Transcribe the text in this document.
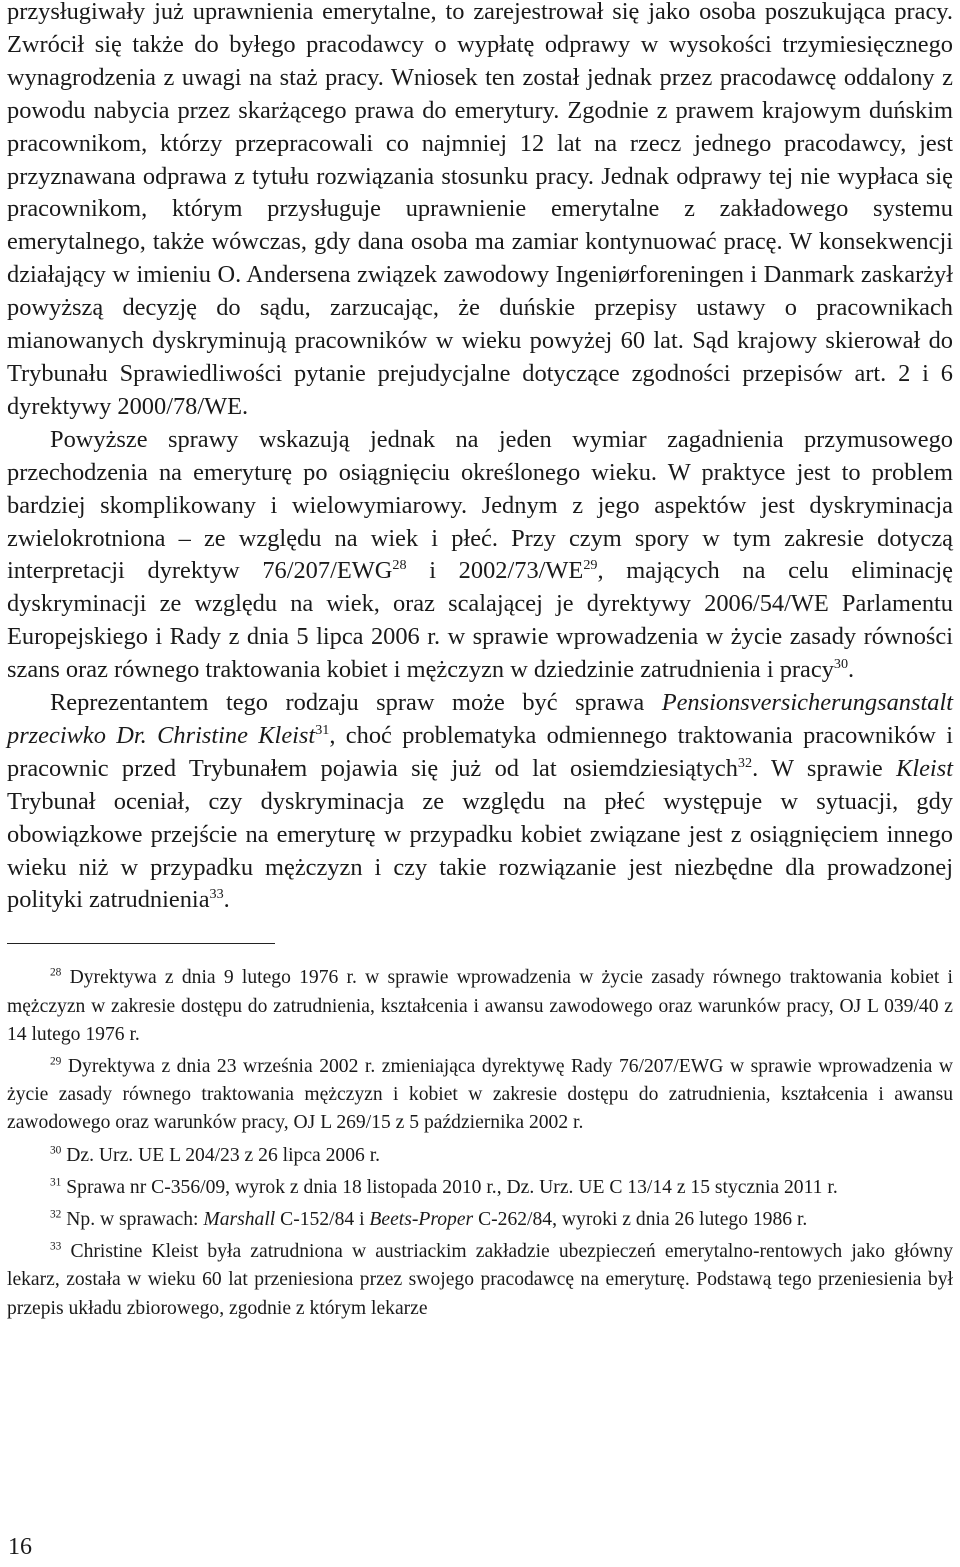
przysługiwały już uprawnienia emerytalne, to zarejestrował się jako osoba poszukująca pracy. Zwrócił się także do byłego pracodawcy o wypłatę odprawy w wysokości trzymiesięcznego wynagrodzenia z uwagi na staż pracy. Wniosek ten został jednak przez pracodawcę oddalony z powodu nabycia przez skarżącego prawa do emerytury. Zgodnie z prawem krajowym duńskim pracownikom, którzy przepracowali co najmniej 12 lat na rzecz jednego pracodawcy, jest przyznawana odprawa z tytułu rozwiązania stosunku pracy. Jednak odprawy tej nie wypłaca się pracownikom, którym przysługuje uprawnienie emerytalne z zakładowego systemu emerytalnego, także wówczas, gdy dana osoba ma zamiar kontynuować pracę. W konsekwencji działający w imieniu O. Andersena związek zawodowy Ingeniørforeningen i Danmark zaskarżył powyższą decyzję do sądu, zarzucając, że duńskie przepisy ustawy o pracownikach mianowanych dyskryminują pracowników w wieku powyżej 60 lat. Sąd krajowy skierował do Trybunału Sprawiedliwości pytanie prejudycjalne dotyczące zgodności przepisów art. 2 i 6 dyrektywy 2000/78/WE.

Powyższe sprawy wskazują jednak na jeden wymiar zagadnienia przymusowego przechodzenia na emeryturę po osiągnięciu określonego wieku. W praktyce jest to problem bardziej skomplikowany i wielowymiarowy. Jednym z jego aspektów jest dyskryminacja zwielokrotniona – ze względu na wiek i płeć. Przy czym spory w tym zakresie dotyczą interpretacji dyrektyw 76/207/EWG$^{28}$ i 2002/73/WE$^{29}$, mających na celu eliminację dyskryminacji ze względu na wiek, oraz scalającej je dyrektywy 2006/54/WE Parlamentu Europejskiego i Rady z dnia 5 lipca 2006 r. w sprawie wprowadzenia w życie zasady równości szans oraz równego traktowania kobiet i mężczyzn w dziedzinie zatrudnienia i pracy$^{30}$.

Reprezentantem tego rodzaju spraw może być sprawa Pensionsversicherungsanstalt przeciwko Dr. Christine Kleist$^{31}$, choć problematyka odmiennego traktowania pracowników i pracownic przed Trybunałem pojawia się już od lat osiemdziesiątych$^{32}$. W sprawie Kleist Trybunał oceniał, czy dyskryminacja ze względu na płeć występuje w sytuacji, gdy obowiązkowe przejście na emeryturę w przypadku kobiet związane jest z osiągnięciem innego wieku niż w przypadku mężczyzn i czy takie rozwiązanie jest niezbędne dla prowadzonej polityki zatrudnienia$^{33}$.

$^{28}$ Dyrektywa z dnia 9 lutego 1976 r. w sprawie wprowadzenia w życie zasady równego traktowania kobiet i mężczyzn w zakresie dostępu do zatrudnienia, kształcenia i awansu zawodowego oraz warunków pracy, OJ L 039/40 z 14 lutego 1976 r.

$^{29}$ Dyrektywa z dnia 23 września 2002 r. zmieniająca dyrektywę Rady 76/207/EWG w sprawie wprowadzenia w życie zasady równego traktowania mężczyzn i kobiet w zakresie dostępu do zatrudnienia, kształcenia i awansu zawodowego oraz warunków pracy, OJ L 269/15 z 5 października 2002 r.

$^{30}$ Dz. Urz. UE L 204/23 z 26 lipca 2006 r.

$^{31}$ Sprawa nr C-356/09, wyrok z dnia 18 listopada 2010 r., Dz. Urz. UE C 13/14 z 15 stycznia 2011 r.

$^{32}$ Np. w sprawach: Marshall C-152/84 i Beets-Proper C-262/84, wyroki z dnia 26 lutego 1986 r.

$^{33}$ Christine Kleist była zatrudniona w austriackim zakładzie ubezpieczeń emerytalno-rentowych jako główny lekarz, została w wieku 60 lat przeniesiona przez swojego pracodawcę na emeryturę. Podstawą tego przeniesienia był przepis układu zbiorowego, zgodnie z którym lekarze

16
